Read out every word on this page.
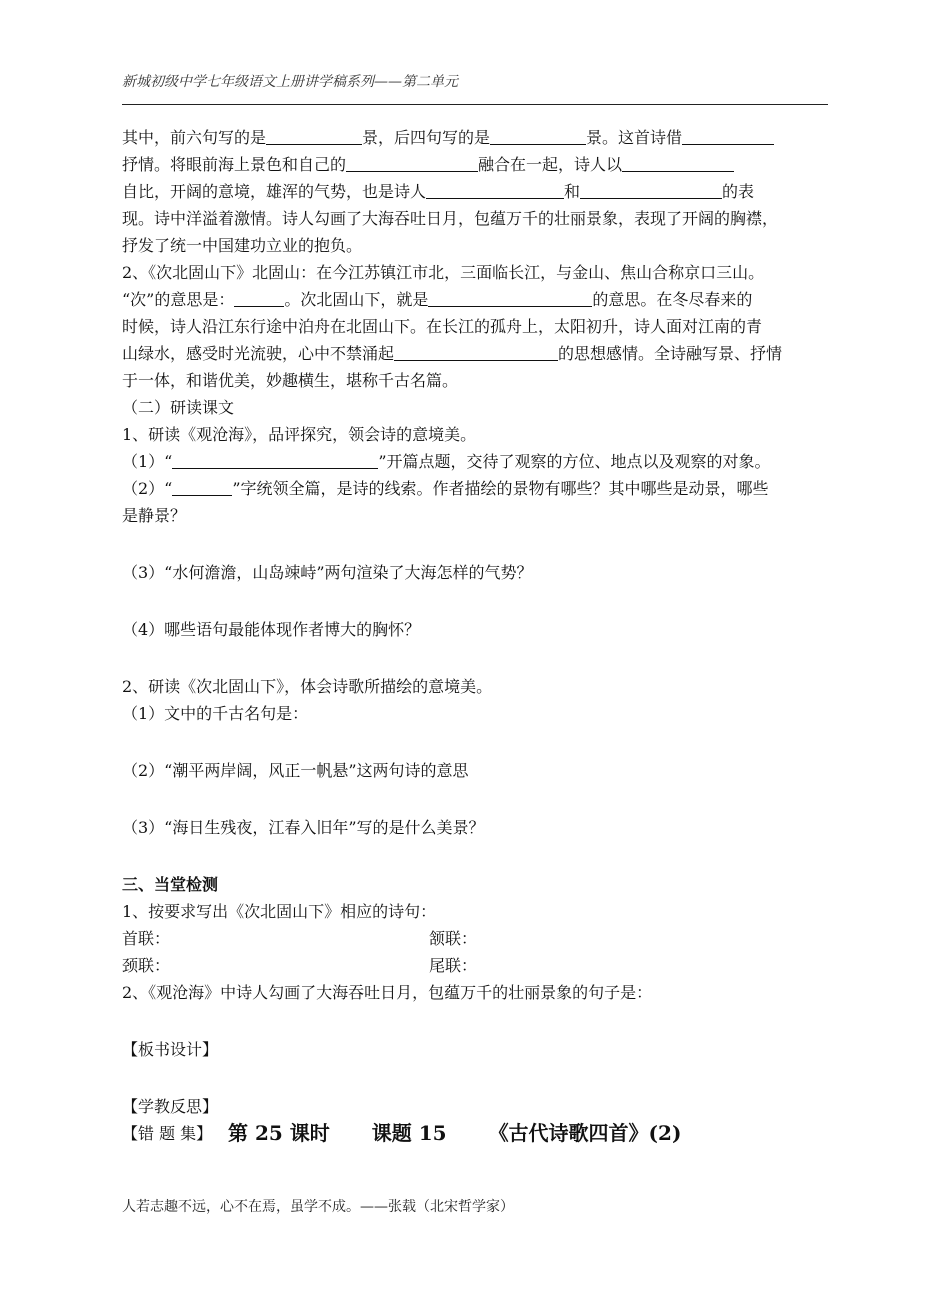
新城初级中学七年级语文上册讲学稿系列——第二单元
其中，前六句写的是	景，后四句写的是	景。这首诗借
抒情。将眼前海上景色和自己的	融合在一起，诗人以
自比，开阔的意境，雄浑的气势，也是诗人	和	的表
现。诗中洋溢着激情。诗人勾画了大海吞吐日月，包蕴万千的壮丽景象，表现了开阔的胸襟，
抒发了统一中国建功立业的抱负。
2、《次北固山下》北固山：在今江苏镇江市北，三面临长江，与金山、焦山合称京口三山。
“次”的意思是：	。次北固山下，就是	的意思。在冬尽春来的
时候，诗人沿江东行途中泊舟在北固山下。在长江的孤舟上，太阳初升，诗人面对江南的青
山绿水，感受时光流驶，心中不禁涌起	的思想感情。全诗融写景、抒情
于一体，和谐优美，妙趣横生，堪称千古名篇。
（二）研读课文
1、研读《观沧海》，品评探究，领会诗的意境美。
（1）“	”开篇点题，交待了观察的方位、地点以及观察的对象。
（2）“	”字统领全篇，是诗的线索。作者描绘的景物有哪些？其中哪些是动景，哪些
是静景？
（3）“水何澹澹，山岛竦峙”两句渲染了大海怎样的气势？
（4）哪些语句最能体现作者博大的胸怀？
2、研读《次北固山下》，体会诗歌所描绘的意境美。
（1）文中的千古名句是：
（2）“潮平两岸阔，风正一帆悬”这两句诗的意思
（3）“海日生残夜，江春入旧年”写的是什么美景？
三、当堂检测
1、按要求写出《次北固山下》相应的诗句：
首联：	颔联：
颈联：	尾联：
2、《观沧海》中诗人勾画了大海吞吐日月，包蕴万千的壮丽景象的句子是：
【板书设计】
【学教反思】
【错 题 集】 第 25 课时 课题 15 《古代诗歌四首》(2)
人若志趣不远，心不在焉，虽学不成。——张载（北宋哲学家）
